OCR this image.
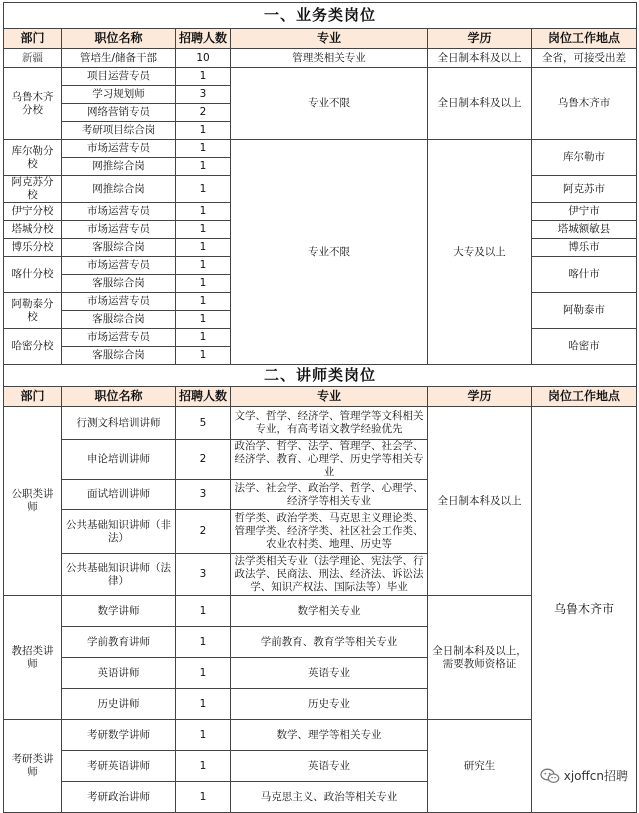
一、业务类岗位					
部门	职位名称	招聘人数	专业	学历	岗位工作地点
新疆	管培生/储备干部	10	管理类相关专业	全日制本科及以上	全省，可接受出差
乌鲁木齐分校	项目运营专员	1	专业不限	全日制本科及以上	乌鲁木齐市
	学习规划师	3			
	网络营销专员	2			
	考研项目综合岗	1			
库尔勒分校	市场运营专员	1	专业不限	大专及以上	库尔勒市
	网推综合岗	1			
阿克苏分校	网推综合岗	1			阿克苏市
伊宁分校	市场运营专员	1			伊宁市
塔城分校	市场运营专员	1			塔城额敏县
博乐分校	客服综合岗	1			博乐市
喀什分校	市场运营专员	1			喀什市
	客服综合岗	1			
阿勒泰分校	市场运营专员	1			阿勒泰市
	客服综合岗	1			
哈密分校	市场运营专员	1			哈密市
	客服综合岗	1			
二、讲师类岗位					
部门	职位名称	招聘人数	专业	学历	岗位工作地点
公职类讲师	行测文科培训讲师	5	文学、哲学、经济学、管理学等文科相关专业，有高考语文教学经验优先	全日制本科及以上	乌鲁木齐市
	申论培训讲师	2	政治学、哲学、法学、管理学、社会学、经济学、教育、心理学、历史学等相关专业		
	面试培训讲师	3	法学、社会学、政治学、哲学、心理学、经济学等相关专业		
	公共基础知识讲师（非法）	2	哲学类、政治学类、马克思主义理论类、管理学类、经济学类、社区社会工作类、农业农村类、地理、历史等		
	公共基础知识讲师（法律）	3	法学类相关专业（法学理论、宪法学、行政法学、民商法、刑法、经济法、诉讼法学、知识产权法、国际法等）毕业		
教招类讲师	数学讲师	1	数学相关专业	全日制本科及以上，需要教师资格证	
	学前教育讲师	1	学前教育、教育学等相关专业		
	英语讲师	1	英语专业		
	历史讲师	1	历史专业		
考研类讲师	考研数学讲师	1	数学、理学等相关专业	研究生	
	考研英语讲师	1	英语专业		
	考研政治讲师	1	马克思主义、政治等相关专业		
xjoffcn招聘
